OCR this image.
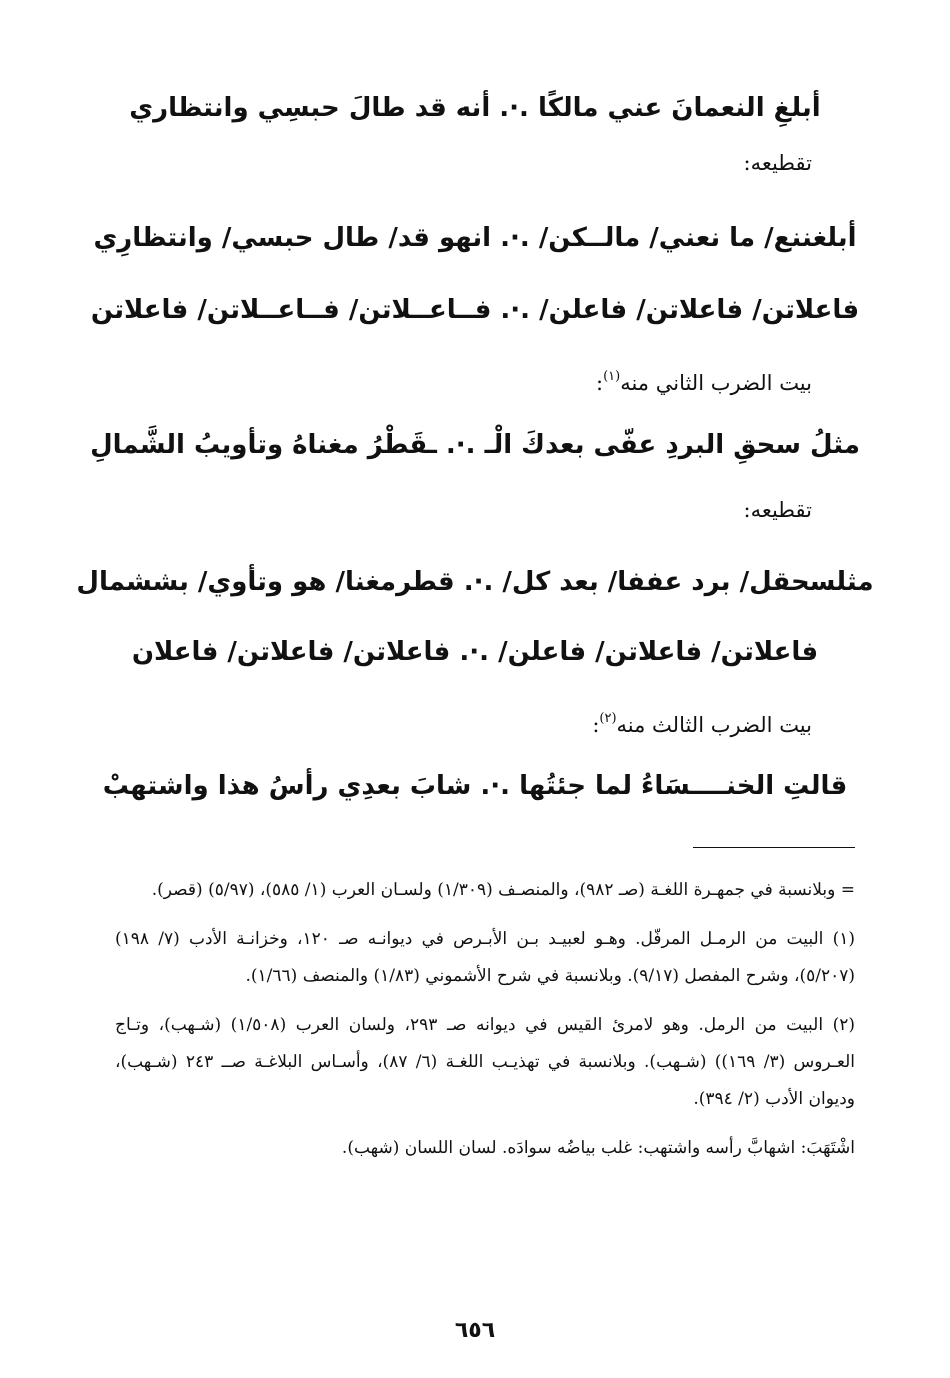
أبلغِ النعمانَ عني مالكًا .·. أنه قد طالَ حبسِي وانتظاري
تقطيعه:
أبلغننع/ ما نعني/ مالــكن/ .·. انهو قد/ طال حبسي/ وانتظارِي
فاعلاتن/ فاعلاتن/ فاعلن/ .·. فــاعــلاتن/ فــاعــلاتن/ فاعلاتن
بيت الضرب الثاني منه$^{(١)}$:
مثلُ سحقِ البردِ عفّى بعدكَ الْـ .·. ـقَطْرُ مغناهُ وتأويبُ الشَّمالِ
تقطيعه:
مثلسحقل/ برد عففا/ بعد كل/ .·. قطرمغنا/ هو وتأوي/ بششمال
فاعلاتن/ فاعلاتن/ فاعلن/ .·. فاعلاتن/ فاعلاتن/ فاعلان
بيت الضرب الثالث منه$^{(٢)}$:
قالتِ الخنــــسَاءُ لما جئتُها .·. شابَ بعدِي رأسُ هذا واشتهبْ

= وبلانسبة في جمهـرة اللغـة (صـ ٩٨٢)، والمنصـف (١/٣٠٩) ولسـان العرب (١/ ٥٨٥)، (٥/٩٧) (قصر).

(١) البيت من الرمـل المرفّل. وهـو لعبيـد بـن الأبـرص في ديوانـه صـ ١٢٠، وخزانـة الأدب (٧/ ١٩٨) (٥/٢٠٧)، وشرح المفصل (٩/١٧). وبلانسبة في شرح الأشموني (١/٨٣) والمنصف (١/٦٦).

(٢) البيت من الرمل. وهو لامرئ القيس في ديوانه صـ ٢٩٣، ولسان العرب (١/٥٠٨) (شـهب)، وتـاج العـروس (٣/ ١٦٩)) (شـهب). وبلانسبة في تهذيـب اللغـة (٦/ ٨٧)، وأسـاس البلاغـة صــ ٢٤٣ (شـهب)، وديوان الأدب (٢/ ٣٩٤).

اشْتَهَبَ: اشهابَّ رأسه واشتهب: غلب بياضُه سوادَه. لسان اللسان (شهب).

٦٥٦
